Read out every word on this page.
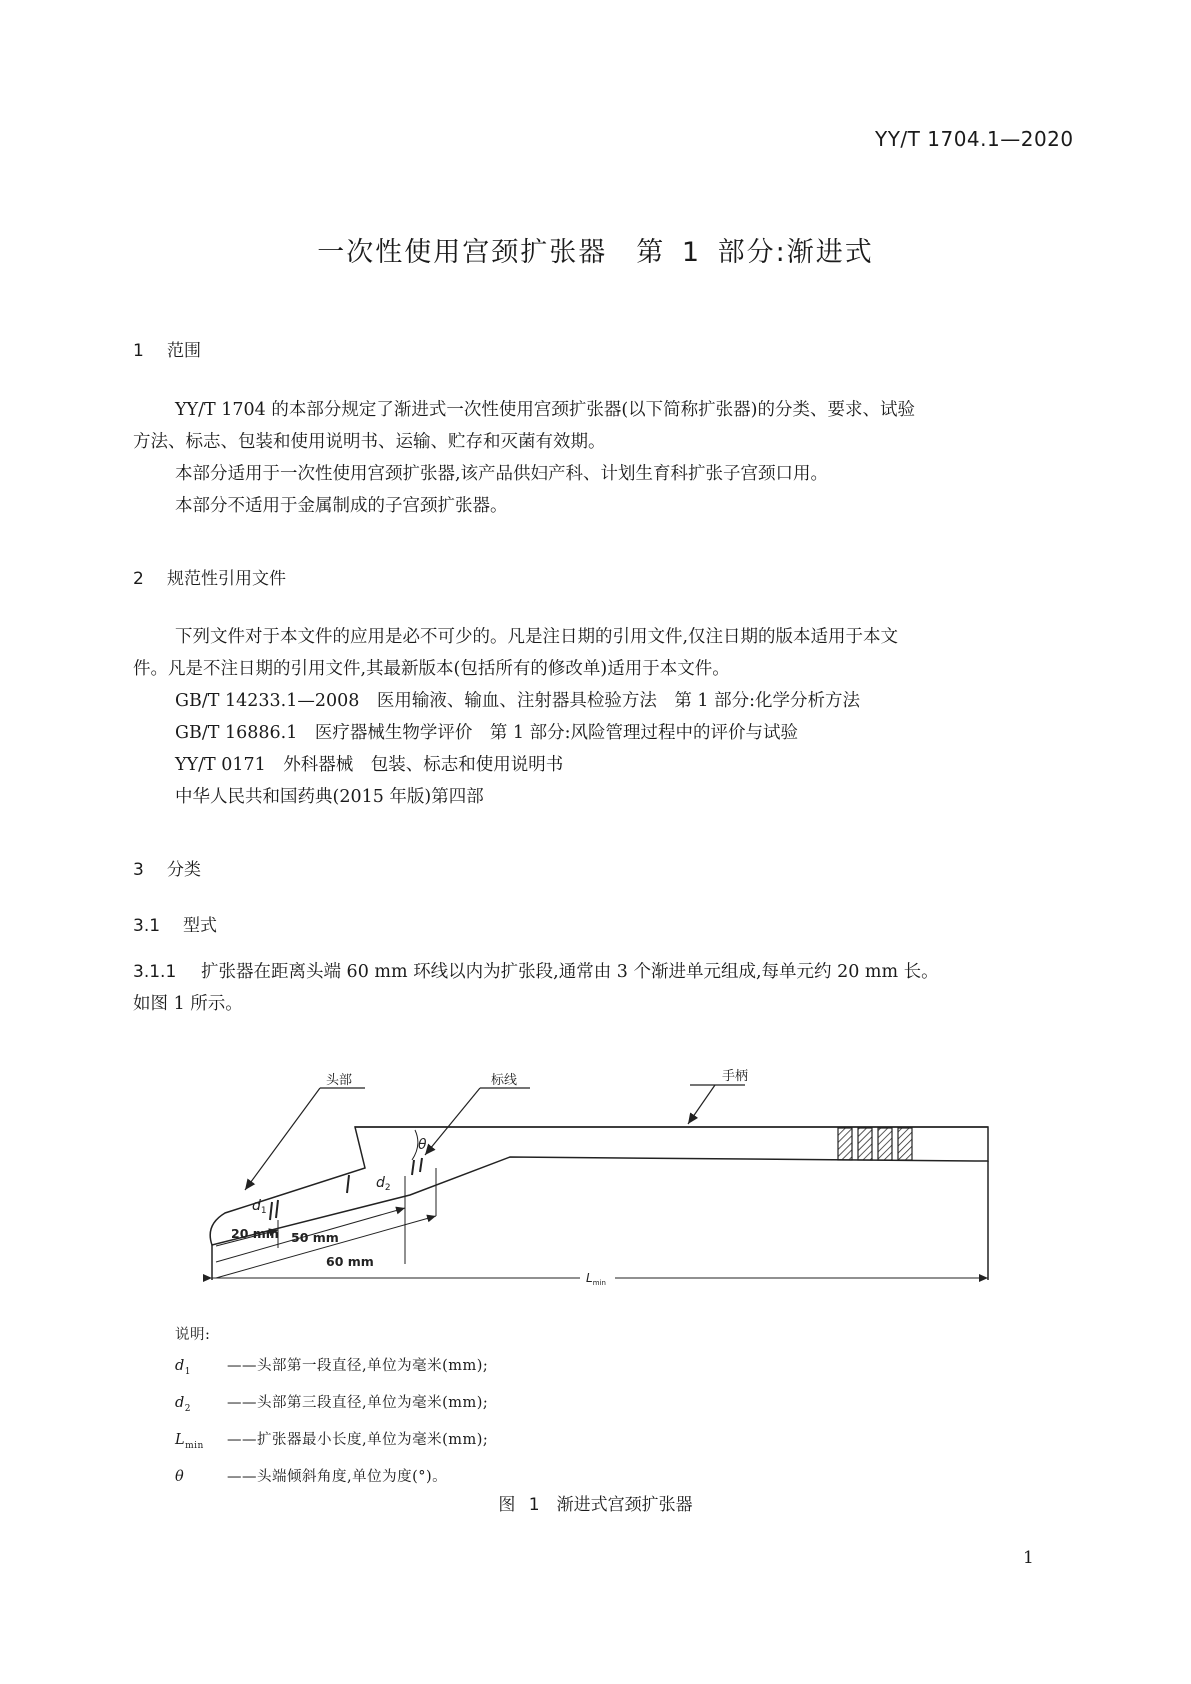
YY/T 1704.1—2020
一次性使用宫颈扩张器　第 1 部分:渐进式
1 范围
YY/T 1704 的本部分规定了渐进式一次性使用宫颈扩张器(以下简称扩张器)的分类、要求、试验
方法、标志、包装和使用说明书、运输、贮存和灭菌有效期。
本部分适用于一次性使用宫颈扩张器,该产品供妇产科、计划生育科扩张子宫颈口用。
本部分不适用于金属制成的子宫颈扩张器。
2 规范性引用文件
下列文件对于本文件的应用是必不可少的。凡是注日期的引用文件,仅注日期的版本适用于本文
件。凡是不注日期的引用文件,其最新版本(包括所有的修改单)适用于本文件。
GB/T 14233.1—2008　医用输液、输血、注射器具检验方法　第 1 部分:化学分析方法
GB/T 16886.1　医疗器械生物学评价　第 1 部分:风险管理过程中的评价与试验
YY/T 0171　外科器械　包装、标志和使用说明书
中华人民共和国药典(2015 年版)第四部
3 分类
3.1 型式
3.1.1 扩张器在距离头端 60 mm 环线以内为扩张段,通常由 3 个渐进单元组成,每单元约 20 mm 长。
如图 1 所示。
头部	标线	手柄
θ
$d_1$
$d_2$
20 mm 50 mm
60 mm
$L_{min}$
说明:
$d_1$ ——头部第一段直径,单位为毫米(mm);
$d_2$ ——头部第三段直径,单位为毫米(mm);
$L_{min}$ ——扩张器最小长度,单位为毫米(mm);
θ	——头端倾斜角度,单位为度(°)。
图 1　渐进式宫颈扩张器
1
